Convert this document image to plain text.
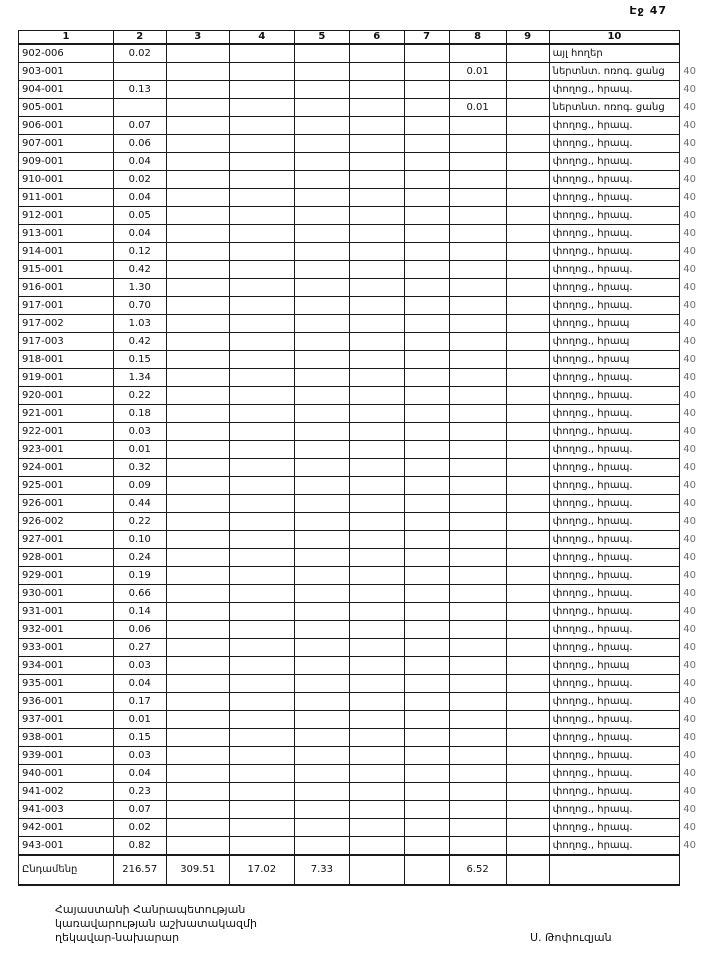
Էջ 47
1	2	3	4	5	6	7	8	9	10	
902-006	0.02								այլ հողեր	
903-001							0.01		ներտնտ. ոռոգ. ցանց	40
904-001	0.13								փողոց., հրապ.	40
905-001							0.01		ներտնտ. ոռոգ. ցանց	40
906-001	0.07								փողոց., հրապ.	40
907-001	0.06								փողոց., հրապ.	40
909-001	0.04								փողոց., հրապ.	40
910-001	0.02								փողոց., հրապ.	40
911-001	0.04								փողոց., հրապ.	40
912-001	0.05								փողոց., հրապ.	40
913-001	0.04								փողոց., հրապ.	40
914-001	0.12								փողոց., հրապ.	40
915-001	0.42								փողոց., հրապ.	40
916-001	1.30								փողոց., հրապ.	40
917-001	0.70								փողոց., հրապ.	40
917-002	1.03								փողոց., հրապ	40
917-003	0.42								փողոց., հրապ	40
918-001	0.15								փողոց., հրապ	40
919-001	1.34								փողոց., հրապ.	40
920-001	0.22								փողոց., հրապ.	40
921-001	0.18								փողոց., հրապ.	40
922-001	0.03								փողոց., հրապ.	40
923-001	0.01								փողոց., հրապ.	40
924-001	0.32								փողոց., հրապ.	40
925-001	0.09								փողոց., հրապ.	40
926-001	0.44								փողոց., հրապ.	40
926-002	0.22								փողոց., հրապ.	40
927-001	0.10								փողոց., հրապ.	40
928-001	0.24								փողոց., հրապ.	40
929-001	0.19								փողոց., հրապ.	40
930-001	0.66								փողոց., հրապ.	40
931-001	0.14								փողոց., հրապ.	40
932-001	0.06								փողոց., հրապ.	40
933-001	0.27								փողոց., հրապ.	40
934-001	0.03								փողոց., հրապ	40
935-001	0.04								փողոց., հրապ.	40
936-001	0.17								փողոց., հրապ.	40
937-001	0.01								փողոց., հրապ.	40
938-001	0.15								փողոց., հրապ.	40
939-001	0.03								փողոց., հրապ.	40
940-001	0.04								փողոց., հրապ.	40
941-002	0.23								փողոց., հրապ.	40
941-003	0.07								փողոց., հրապ.	40
942-001	0.02								փողոց., հրապ.	40
943-001	0.82								փողոց., հրապ.	40
Ընդամենը	216.57	309.51	17.02	7.33			6.52			
Հայաստանի Հանրապետության
կառավարության աշխատակազմի
ղեկավար-նախարար	Ս. Թոփուզյան
